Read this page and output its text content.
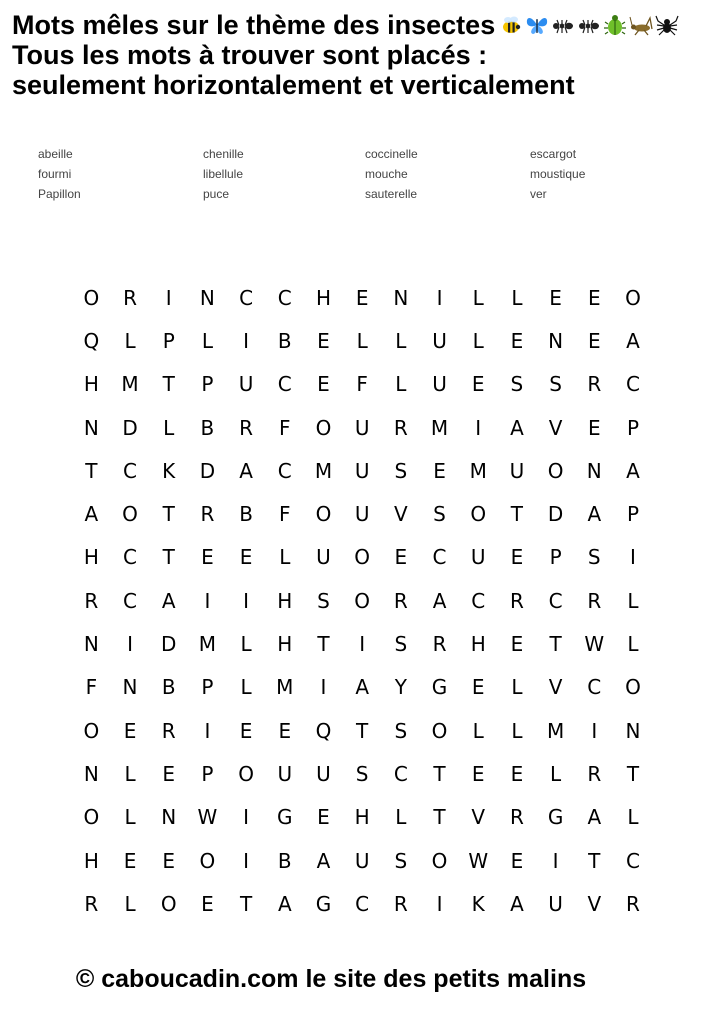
Mots mêles sur le thème des insectes
Tous les mots à trouver sont placés :
seulement horizontalement et verticalement
abeille	chenille	coccinelle	escargot
fourmi	libellule	mouche	moustique
Papillon	puce	sauterelle	ver
O	R	I	N	C	C	H	E	N	I	L	L	E	E	O
Q	L	P	L	I	B	E	L	L	U	L	E	N	E	A
H	M	T	P	U	C	E	F	L	U	E	S	S	R	C
N	D	L	B	R	F	O	U	R	M	I	A	V	E	P
T	C	K	D	A	C	M	U	S	E	M	U	O	N	A
A	O	T	R	B	F	O	U	V	S	O	T	D	A	P
H	C	T	E	E	L	U	O	E	C	U	E	P	S	I
R	C	A	I	I	H	S	O	R	A	C	R	C	R	L
N	I	D	M	L	H	T	I	S	R	H	E	T	W	L
F	N	B	P	L	M	I	A	Y	G	E	L	V	C	O
O	E	R	I	E	E	Q	T	S	O	L	L	M	I	N
N	L	E	P	O	U	U	S	C	T	E	E	L	R	T
O	L	N	W	I	G	E	H	L	T	V	R	G	A	L
H	E	E	O	I	B	A	U	S	O	W	E	I	T	C
R	L	O	E	T	A	G	C	R	I	K	A	U	V	R
© caboucadin.com le site des petits malins
